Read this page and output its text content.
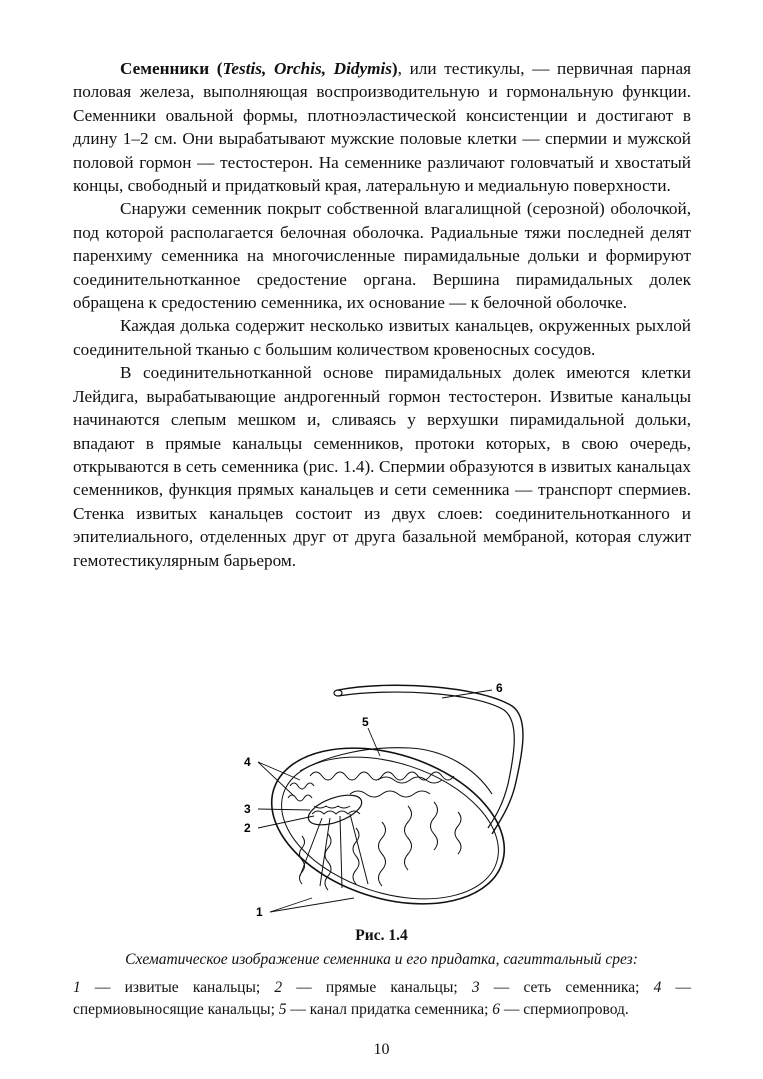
Семенники (Testis, Orchis, Didymis), или тестикулы, — первичная парная половая железа, выполняющая воспроизводительную и гормональную функции. Семенники овальной формы, плотноэластической консистенции и достигают в длину 1–2 см. Они вырабатывают мужские половые клетки — спермии и мужской половой гормон — тестостерон. На семеннике различают головчатый и хвостатый концы, свободный и придатковый края, латеральную и медиальную поверхности.

Снаружи семенник покрыт собственной влагалищной (серозной) оболочкой, под которой располагается белочная оболочка. Радиальные тяжи последней делят паренхиму семенника на многочисленные пирамидальные дольки и формируют соединительнотканное средостение органа. Вершина пирамидальных долек обращена к средостению семенника, их основание — к белочной оболочке.

Каждая долька содержит несколько извитых канальцев, окруженных рыхлой соединительной тканью с большим количеством кровеносных сосудов.

В соединительнотканной основе пирамидальных долек имеются клетки Лейдига, вырабатывающие андрогенный гормон тестостерон. Извитые канальцы начинаются слепым мешком и, сливаясь у верхушки пирамидальной дольки, впадают в прямые канальцы семенников, протоки которых, в свою очередь, открываются в сеть семенника (рис. 1.4). Спермии образуются в извитых канальцах семенников, функция прямых канальцев и сети семенника — транспорт спермиев. Стенка извитых канальцев состоит из двух слоев: соединительнотканного и эпителиального, отделенных друг от друга базальной мембраной, которая служит гемотестикулярным барьером.

6
5
4
3
2
1
Рис. 1.4
Схематическое изображение семенника и его придатка, сагиттальный срез:
1 — извитые канальцы; 2 — прямые канальцы; 3 — сеть семенника; 4 — спермиовыносящие канальцы; 5 — канал придатка семенника; 6 — спермиопровод.
10
